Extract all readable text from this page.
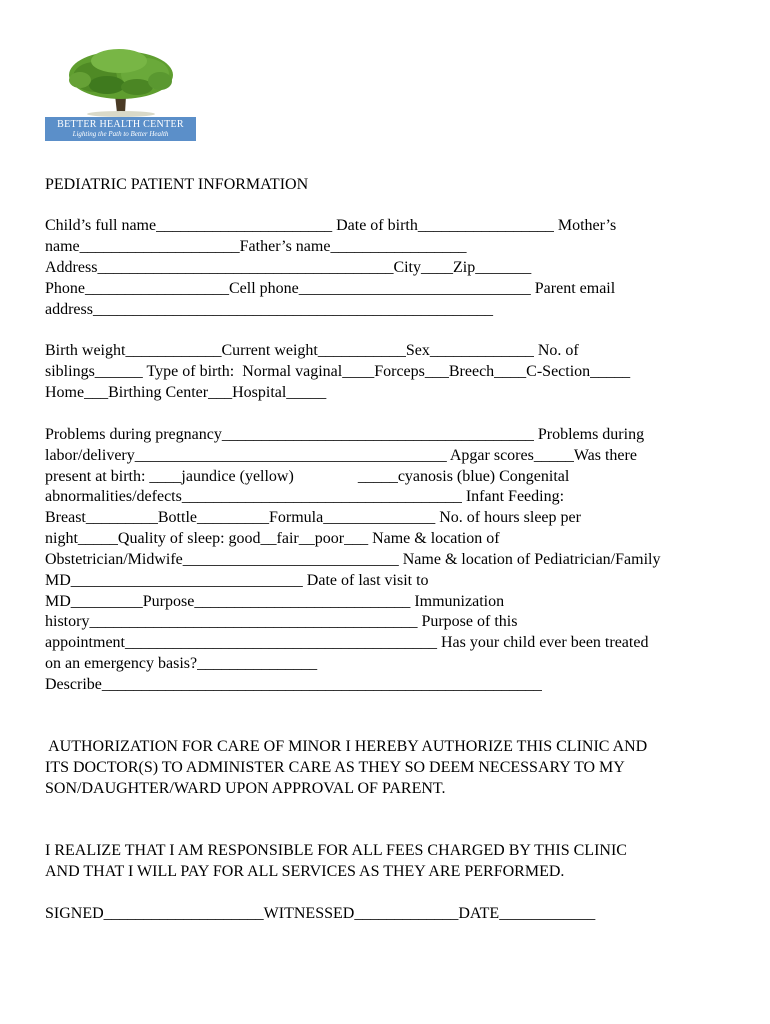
BETTER HEALTH CENTER
Lighting the Path to Better Health
PEDIATRIC PATIENT INFORMATION
Child’s full name______________________ Date of birth_________________ Mother’s
name____________________Father’s name_________________
Address_____________________________________City____Zip_______
Phone__________________Cell phone_____________________________ Parent email
address__________________________________________________
Birth weight____________Current weight___________Sex_____________ No. of
siblings______ Type of birth:  Normal vaginal____Forceps___Breech____C-Section_____
Home___Birthing Center___Hospital_____
Problems during pregnancy_______________________________________ Problems during
labor/delivery_______________________________________ Apgar scores_____Was there
present at birth: ____jaundice (yellow)                _____cyanosis (blue) Congenital
abnormalities/defects___________________________________ Infant Feeding:
Breast_________Bottle_________Formula______________ No. of hours sleep per
night_____Quality of sleep: good__fair__poor___ Name & location of
Obstetrician/Midwife___________________________ Name & location of Pediatrician/Family
MD_____________________________ Date of last visit to
MD_________Purpose___________________________ Immunization
history_________________________________________ Purpose of this
appointment_______________________________________ Has your child ever been treated
on an emergency basis?_______________
Describe_______________________________________________________
AUTHORIZATION FOR CARE OF MINOR I HEREBY AUTHORIZE THIS CLINIC AND
ITS DOCTOR(S) TO ADMINISTER CARE AS THEY SO DEEM NECESSARY TO MY
SON/DAUGHTER/WARD UPON APPROVAL OF PARENT.
I REALIZE THAT I AM RESPONSIBLE FOR ALL FEES CHARGED BY THIS CLINIC
AND THAT I WILL PAY FOR ALL SERVICES AS THEY ARE PERFORMED.
SIGNED____________________WITNESSED_____________DATE____________
